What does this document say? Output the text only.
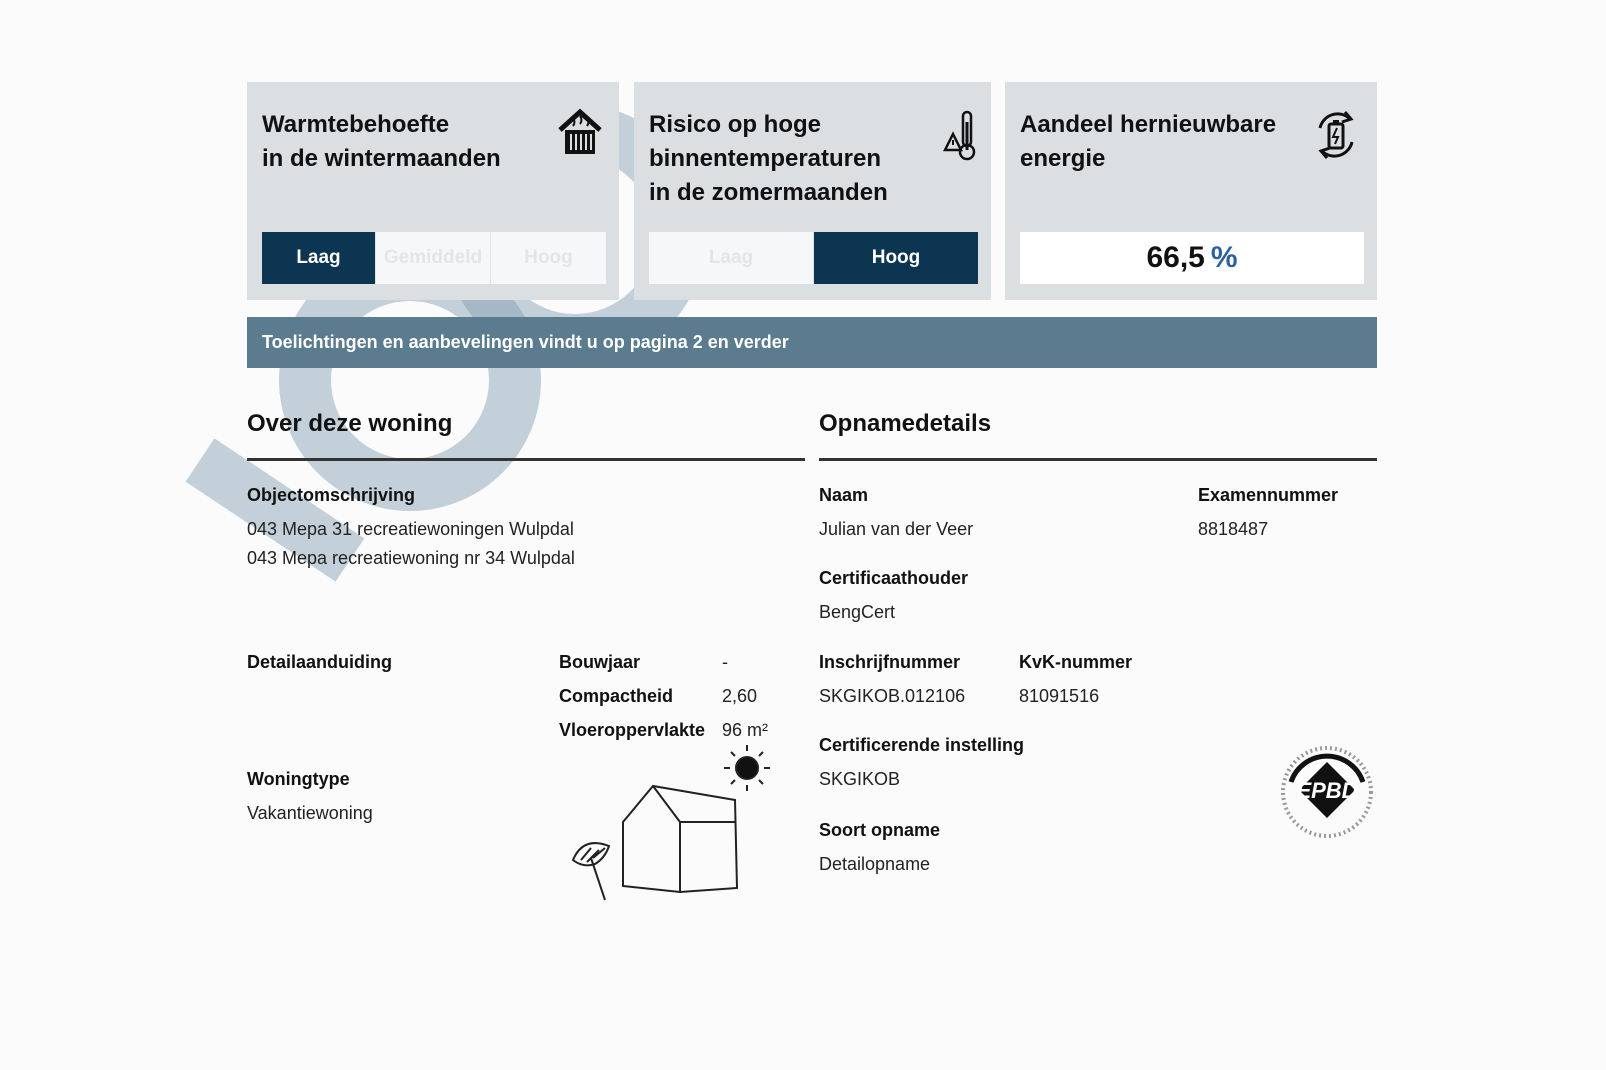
Warmtebehoefte
in de wintermaanden
Laag	Gemiddeld	Hoog
Risico op hoge
binnentemperaturen
in de zomermaanden
Laag	Hoog
Aandeel hernieuwbare
energie
66,5 %
Toelichtingen en aanbevelingen vindt u op pagina 2 en verder
Over deze woning
Objectomschrijving
043 Mepa 31 recreatiewoningen Wulpdal
043 Mepa recreatiewoning nr 34 Wulpdal
Detailaanduiding	Bouwjaar	-
Compactheid	2,60
Vloeroppervlakte 96 m²
Woningtype
Vakantiewoning
Opnamedetails
Naam
Julian van der Veer
Examennummer
8818487
Certificaathouder
BengCert
Inschrijfnummer
SKGIKOB.012106
KvK-nummer
81091516
Certificerende instelling
SKGIKOB
Soort opname
Detailopname
EPBD
